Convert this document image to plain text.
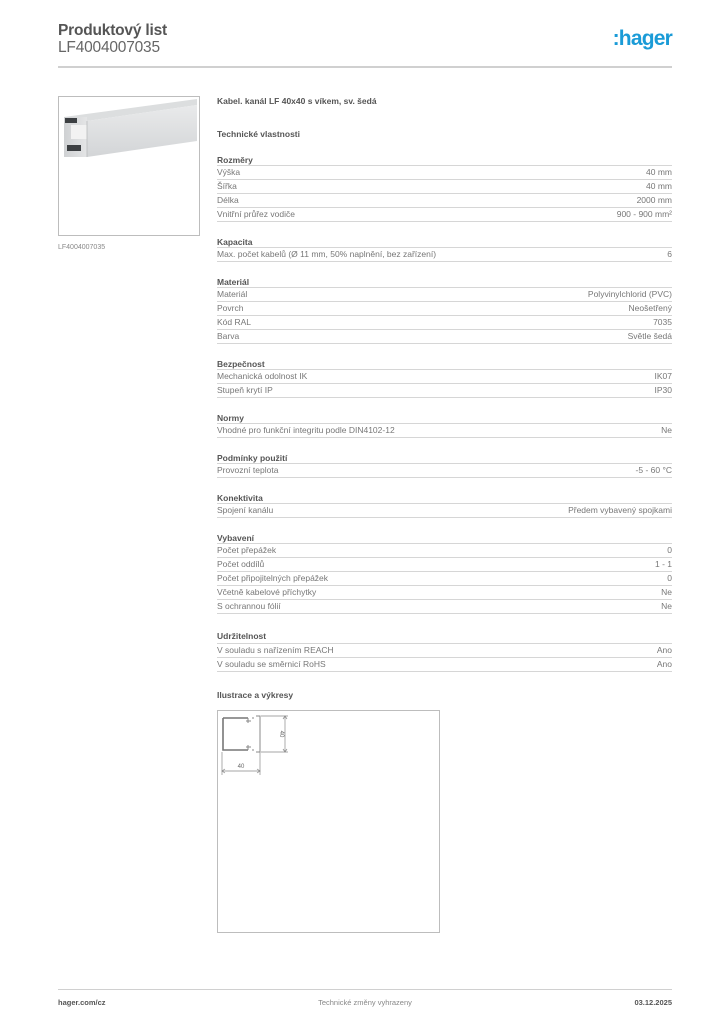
Produktový list
LF4004007035	:hager
LF4004007035
Kabel. kanál LF 40x40 s víkem, sv. šedá
Technické vlastnosti
Rozměry
Výška	40 mm
Šířka	40 mm
Délka	2000 mm
Vnitřní průřez vodiče	900 - 900 mm²
Kapacita
Max. počet kabelů (Ø 11 mm, 50% naplnění, bez zařízení)	6
Materiál
Materiál	Polyvinylchlorid (PVC)
Povrch	Neošetřený
Kód RAL	7035
Barva	Světle šedá
Bezpečnost
Mechanická odolnost IK	IK07
Stupeň krytí IP	IP30
Normy
Vhodné pro funkční integritu podle DIN4102-12	Ne
Podmínky použití
Provozní teplota	-5 - 60 °C
Konektivita
Spojení kanálu	Předem vybavený spojkami
Vybavení
Počet přepážek	0
Počet oddílů	1 - 1
Počet připojitelných přepážek	0
Včetně kabelové příchytky	Ne
S ochrannou fólií	Ne
Udržitelnost
V souladu s nařízením REACH	Ano
V souladu se směrnicí RoHS	Ano
Ilustrace a výkresy
40
40
hager.com/cz	Technické změny vyhrazeny	03.12.2025
